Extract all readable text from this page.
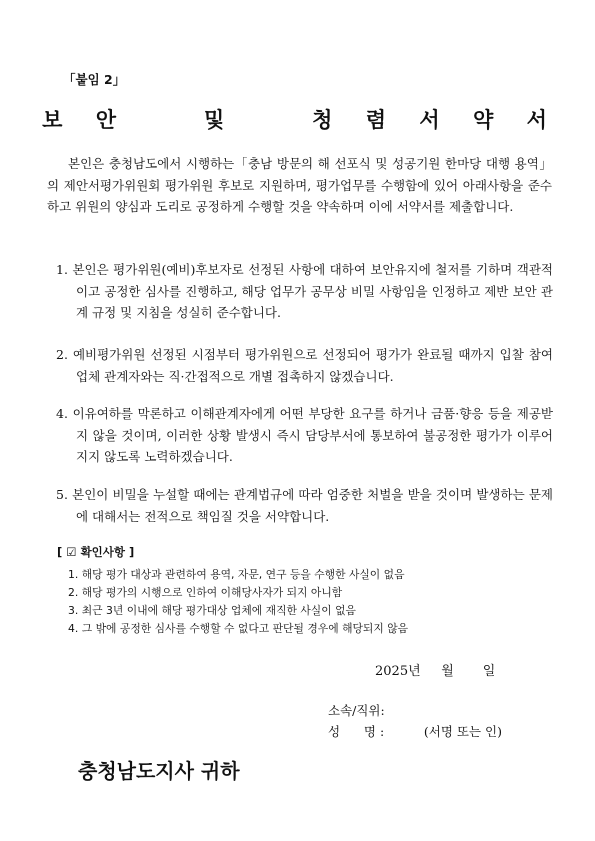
「붙임 2」
보 안   및   청 렴 서 약 서
본인은 충청남도에서 시행하는「충남 방문의 해 선포식 및 성공기원 한마당 대행 용역」의 제안서평가위원회 평가위원 후보로 지원하며, 평가업무를 수행함에 있어 아래사항을 준수하고 위원의 양심과 도리로 공정하게 수행할 것을 약속하며 이에 서약서를 제출합니다.
1. 본인은 평가위원(예비)후보자로 선정된 사항에 대하여 보안유지에 철저를 기하며 객관적이고 공정한 심사를 진행하고, 해당 업무가 공무상 비밀 사항임을 인정하고 제반 보안 관계 규정 및 지침을 성실히 준수합니다.
2. 예비평가위원 선정된 시점부터 평가위원으로 선정되어 평가가 완료될 때까지 입찰 참여업체 관계자와는 직·간접적으로 개별 접촉하지 않겠습니다.
4. 이유여하를 막론하고 이해관계자에게 어떤 부당한 요구를 하거나 금품·향응 등을 제공받지 않을 것이며, 이러한 상황 발생시 즉시 담당부서에 통보하여 불공정한 평가가 이루어지지 않도록 노력하겠습니다.
5. 본인이 비밀을 누설할 때에는 관계법규에 따라 엄중한 처벌을 받을 것이며 발생하는 문제에 대해서는 전적으로 책임질 것을 서약합니다.
[ ☑ 확인사항 ]
1. 해당 평가 대상과 관련하여 용역, 자문, 연구 등을 수행한 사실이 없음
2. 해당 평가의 시행으로 인하여 이해당사자가 되지 아니함
3. 최근 3년 이내에 해당 평가대상 업체에 재직한 사실이 없음
4. 그 밖에 공정한 심사를 수행할 수 없다고 판단될 경우에 해당되지 않음
2025년     월       일
소속/직위:
성      명 :          (서명 또는 인)
충청남도지사 귀하
